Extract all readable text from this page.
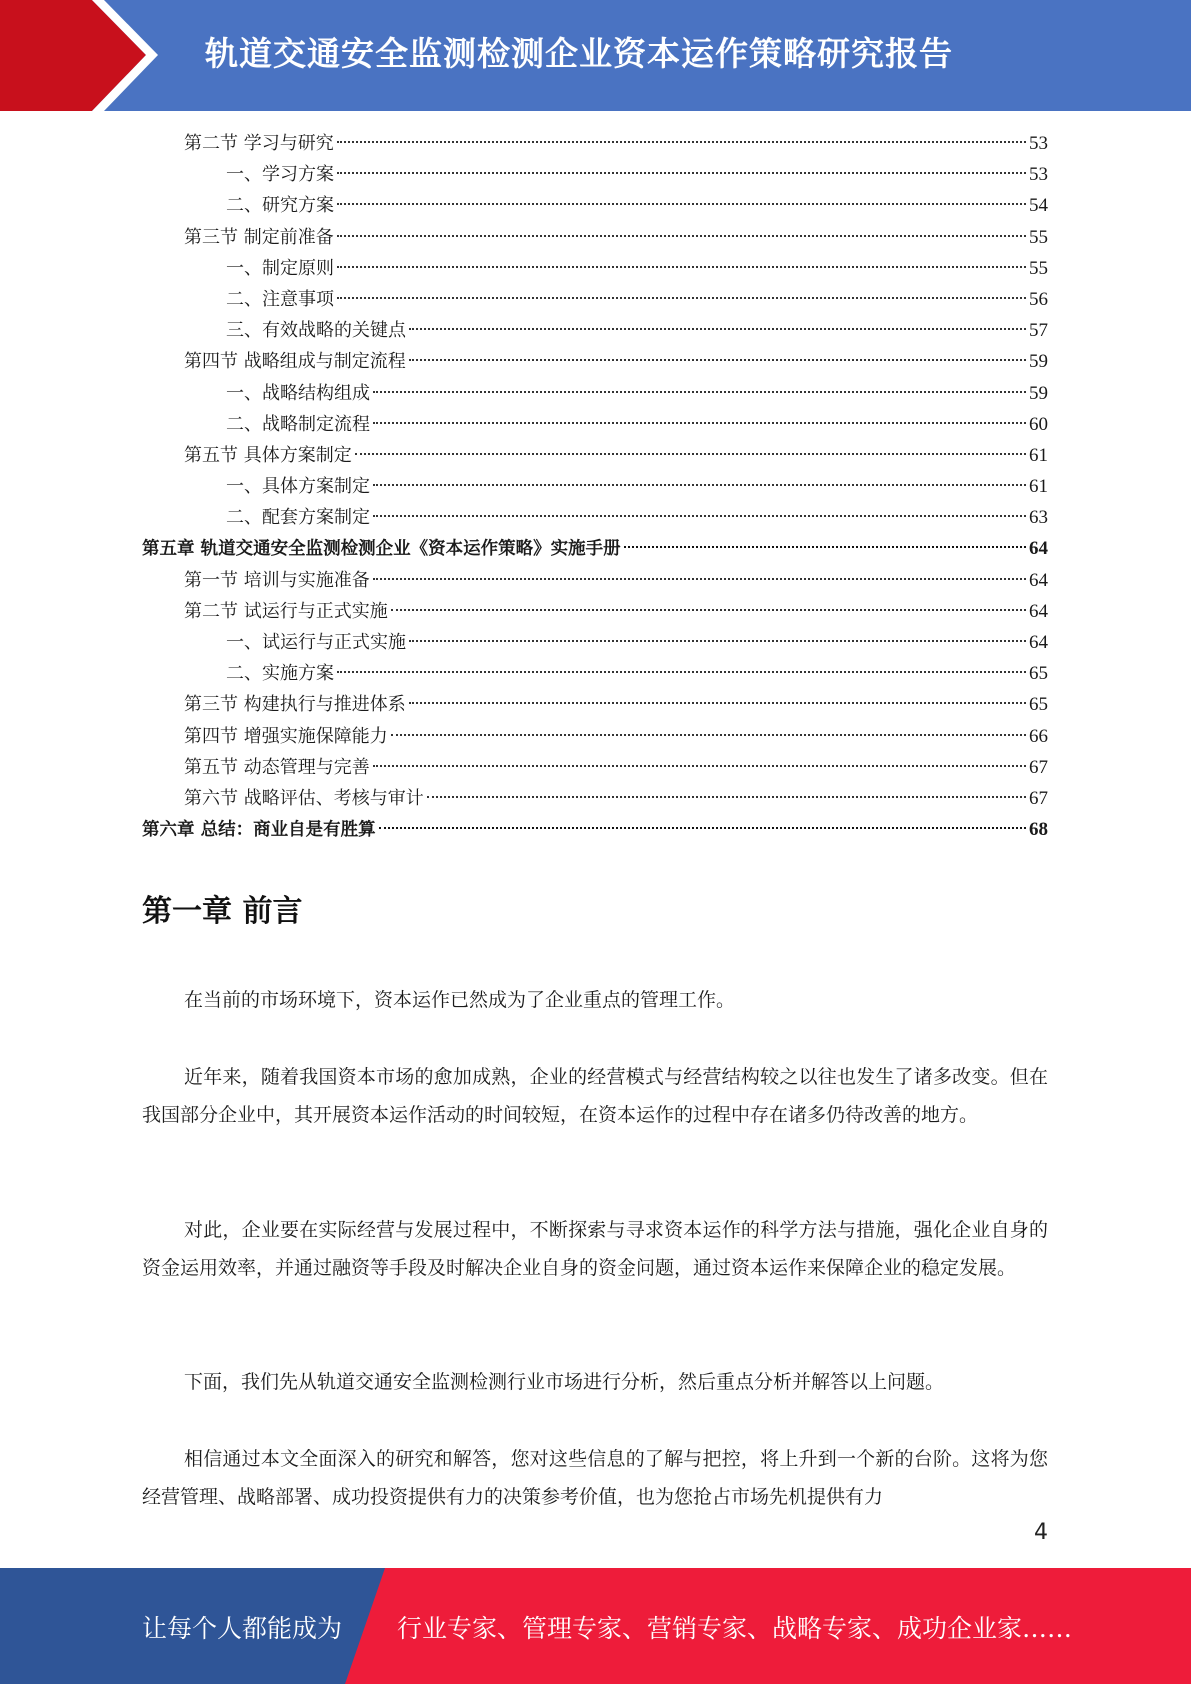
轨道交通安全监测检测企业资本运作策略研究报告
第二节 学习与研究	53
一、学习方案	53
二、研究方案	54
第三节 制定前准备	55
一、制定原则	55
二、注意事项	56
三、有效战略的关键点	57
第四节 战略组成与制定流程	59
一、战略结构组成	59
二、战略制定流程	60
第五节 具体方案制定	61
一、具体方案制定	61
二、配套方案制定	63
第五章 轨道交通安全监测检测企业《资本运作策略》实施手册	64
第一节 培训与实施准备	64
第二节 试运行与正式实施	64
一、试运行与正式实施	64
二、实施方案	65
第三节 构建执行与推进体系	65
第四节 增强实施保障能力	66
第五节 动态管理与完善	67
第六节 战略评估、考核与审计	67
第六章 总结：商业自是有胜算	68
第一章 前言

在当前的市场环境下，资本运作已然成为了企业重点的管理工作。

近年来，随着我国资本市场的愈加成熟，企业的经营模式与经营结构较之以往也发生了诸多改变。但在我国部分企业中，其开展资本运作活动的时间较短，在资本运作的过程中存在诸多仍待改善的地方。

对此，企业要在实际经营与发展过程中，不断探索与寻求资本运作的科学方法与措施，强化企业自身的资金运用效率，并通过融资等手段及时解决企业自身的资金问题，通过资本运作来保障企业的稳定发展。

下面，我们先从轨道交通安全监测检测行业市场进行分析，然后重点分析并解答以上问题。

相信通过本文全面深入的研究和解答，您对这些信息的了解与把控，将上升到一个新的台阶。这将为您经营管理、战略部署、成功投资提供有力的决策参考价值，也为您抢占市场先机提供有力

4
让每个人都能成为 行业专家、管理专家、营销专家、战略专家、成功企业家……
